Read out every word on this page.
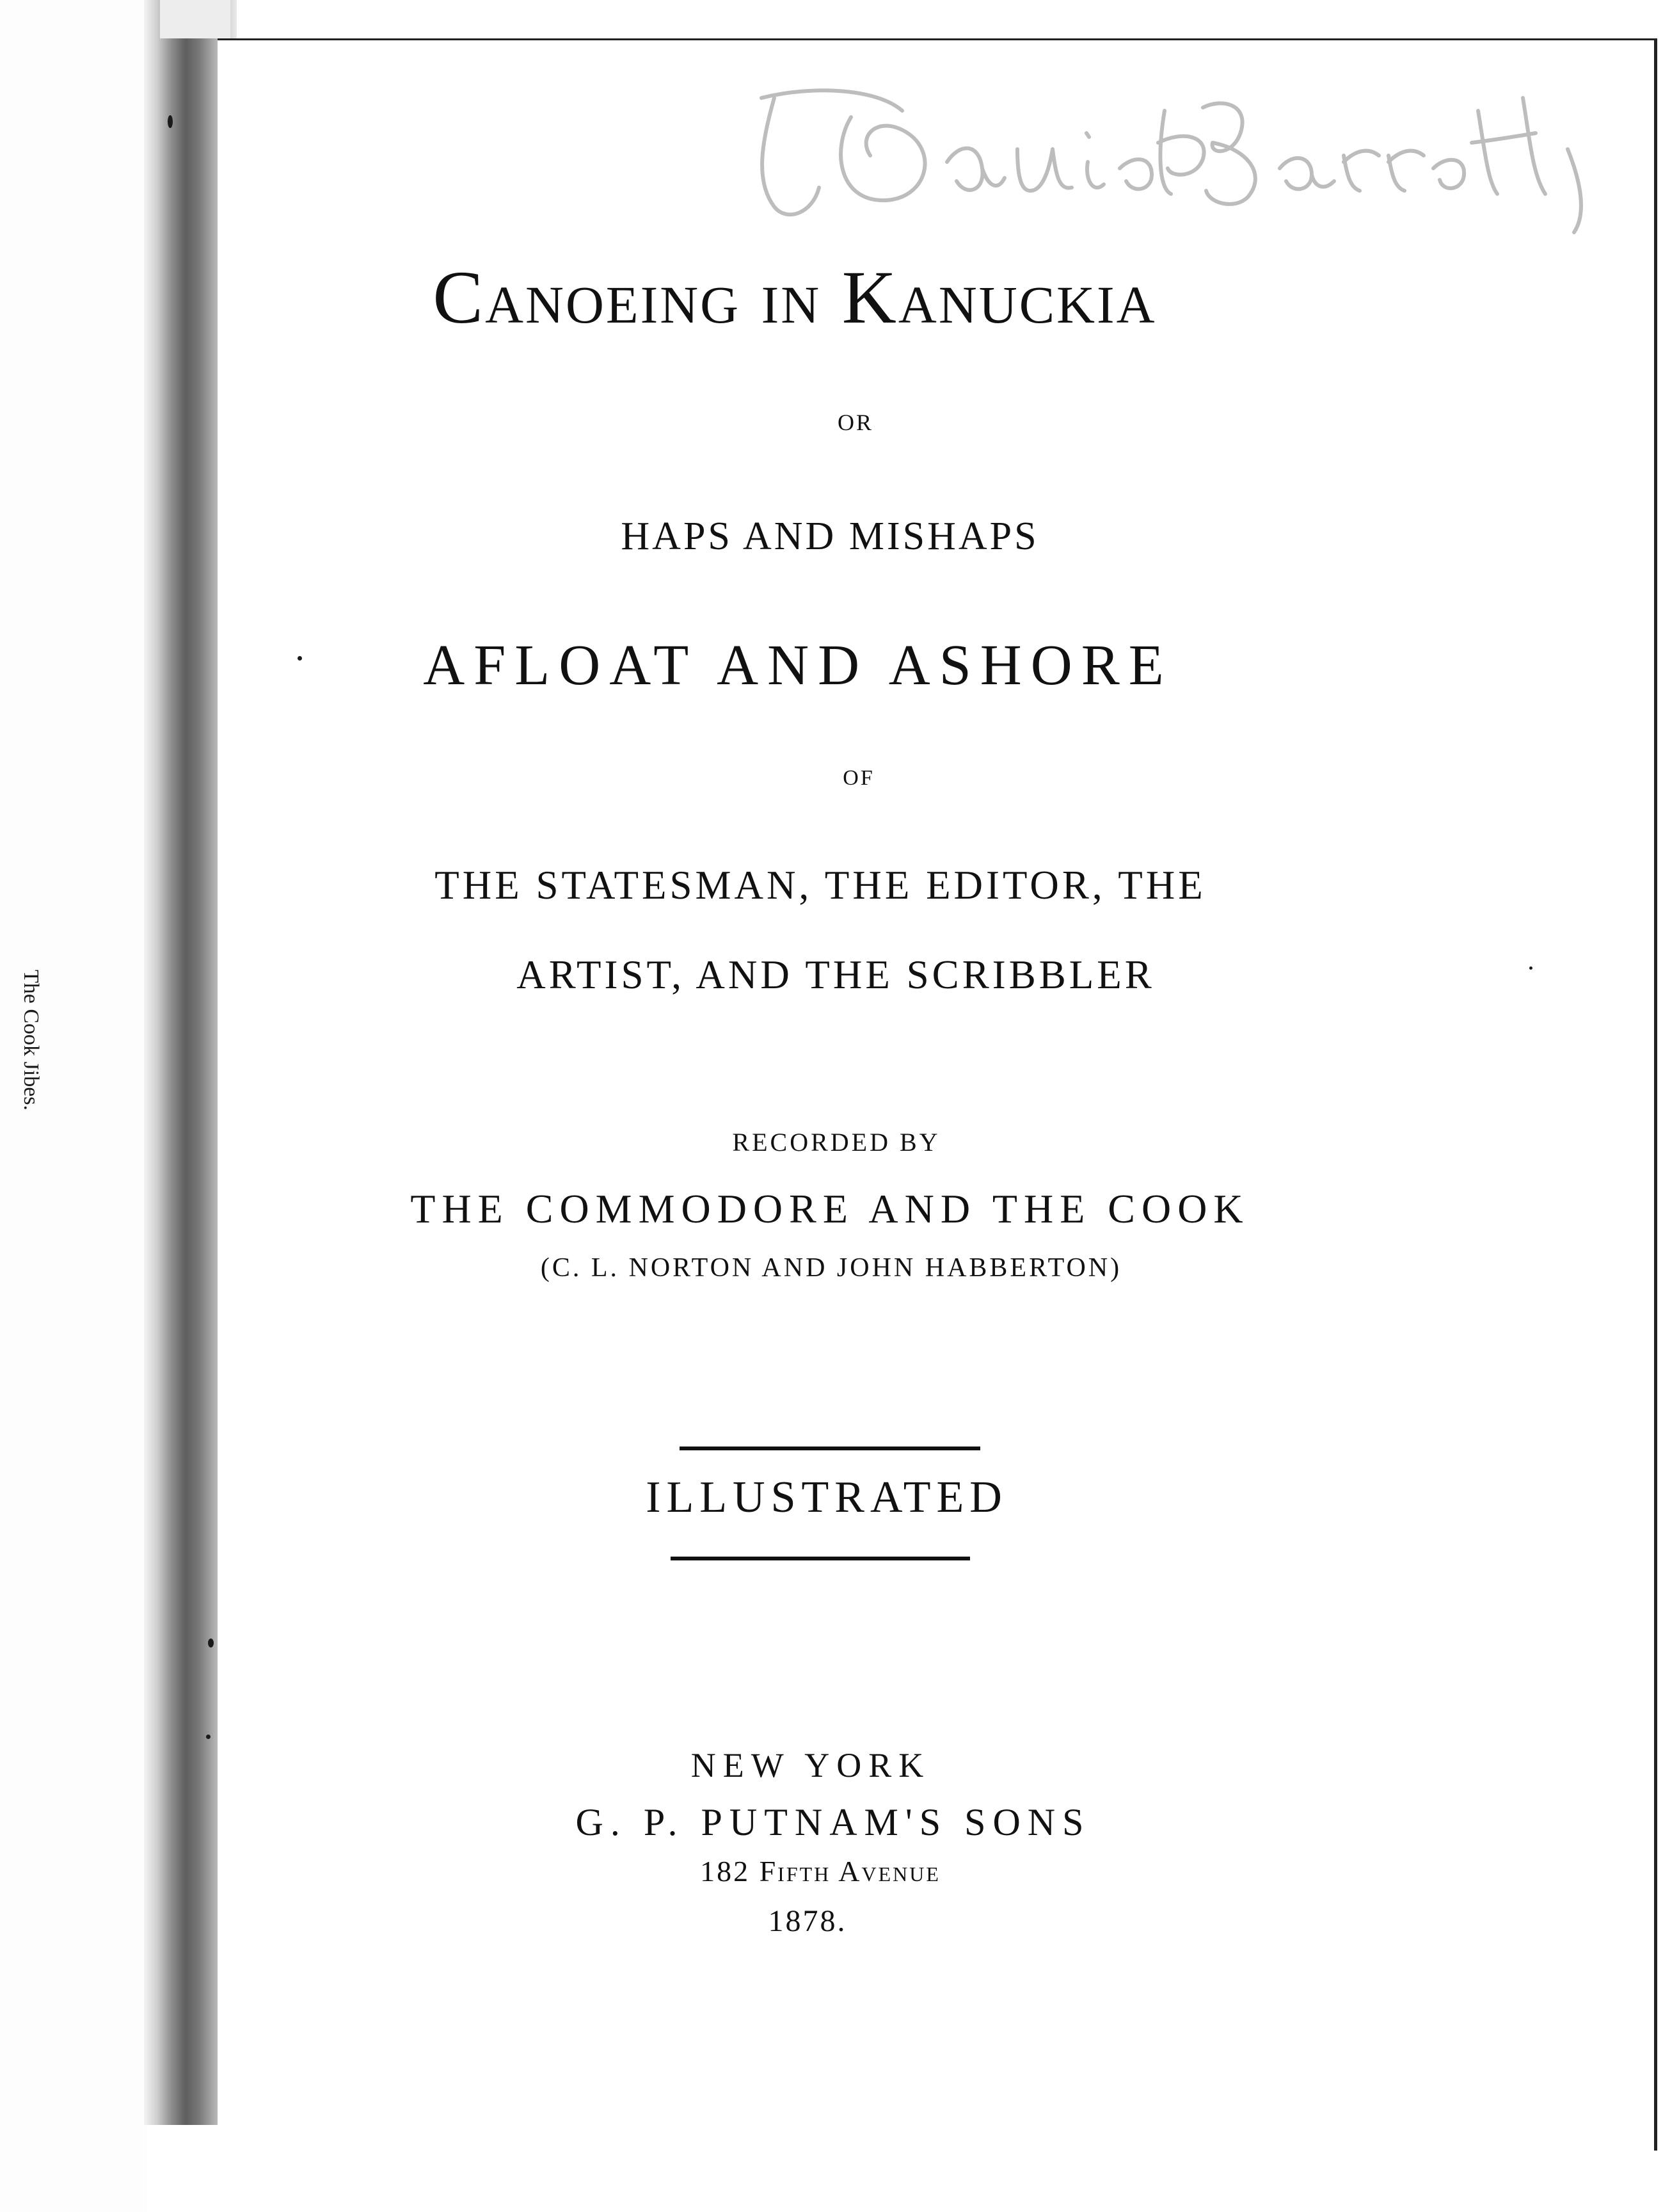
The Cook Jibes.
Canoeing in Kanuckia
OR
HAPS AND MISHAPS
AFLOAT AND ASHORE
OF
THE STATESMAN, THE EDITOR, THE
ARTIST, AND THE SCRIBBLER
RECORDED BY
THE COMMODORE AND THE COOK
(C. L. NORTON AND JOHN HABBERTON)
ILLUSTRATED
NEW YORK
G. P. PUTNAM'S SONS
182 Fifth Avenue
1878.
